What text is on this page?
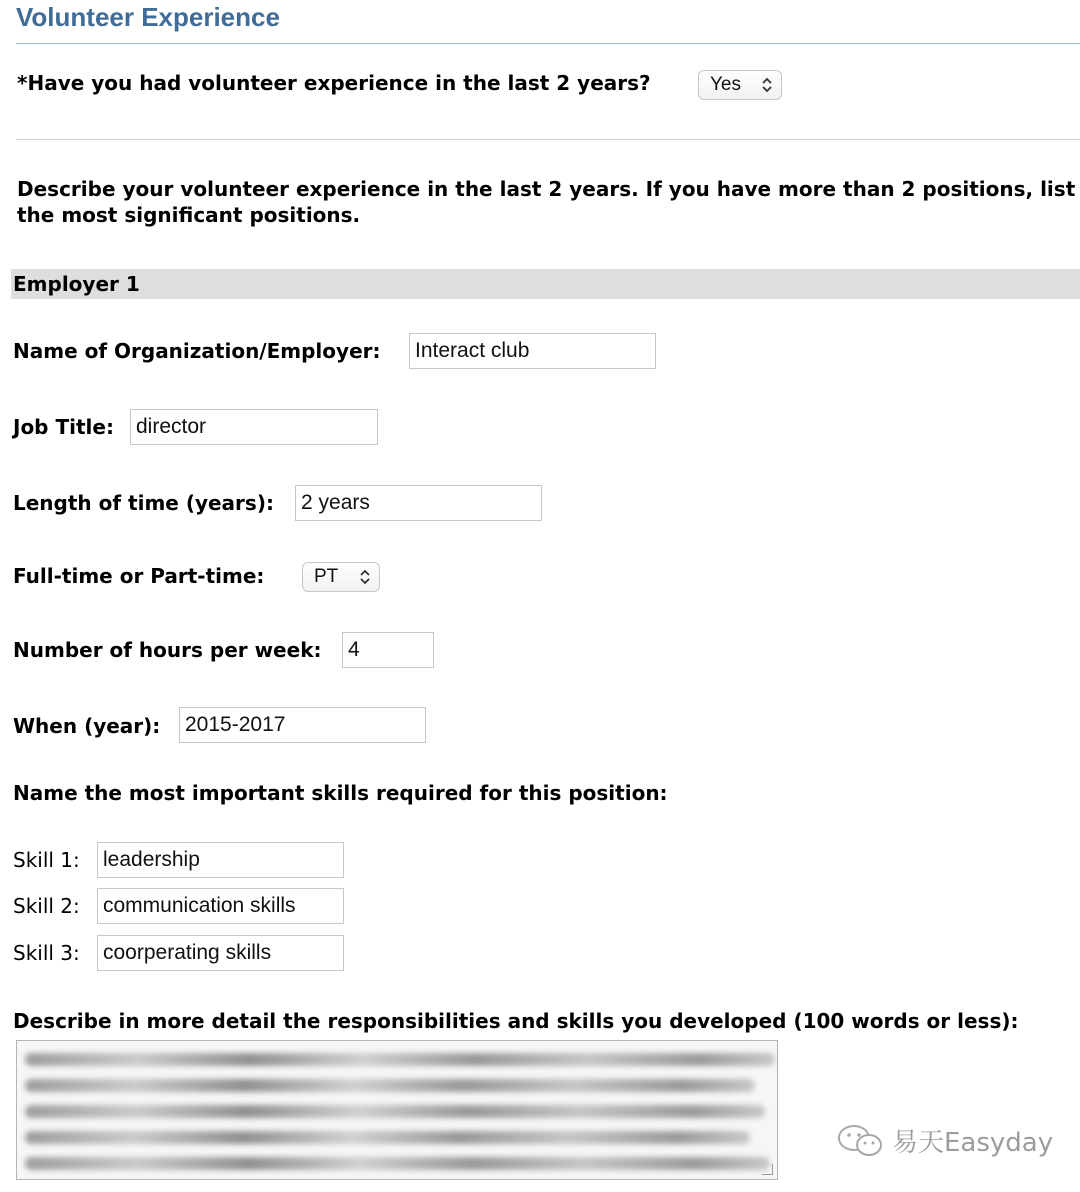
Volunteer Experience
*Have you had volunteer experience in the last 2 years?	Yes
Describe your volunteer experience in the last 2 years. If you have more than 2 positions, list the most significant positions.
Employer 1
Name of Organization/Employer:
Interact club
Job Title:
director
Length of time (years):
2 years
Full-time or Part-time:	PT
Number of hours per week:
4
When (year):
2015-2017
Name the most important skills required for this position:
Skill 1:
leadership
Skill 2:
communication skills
Skill 3:
coorperating skills
Describe in more detail the responsibilities and skills you developed (100 words or less):
易天Easyday
